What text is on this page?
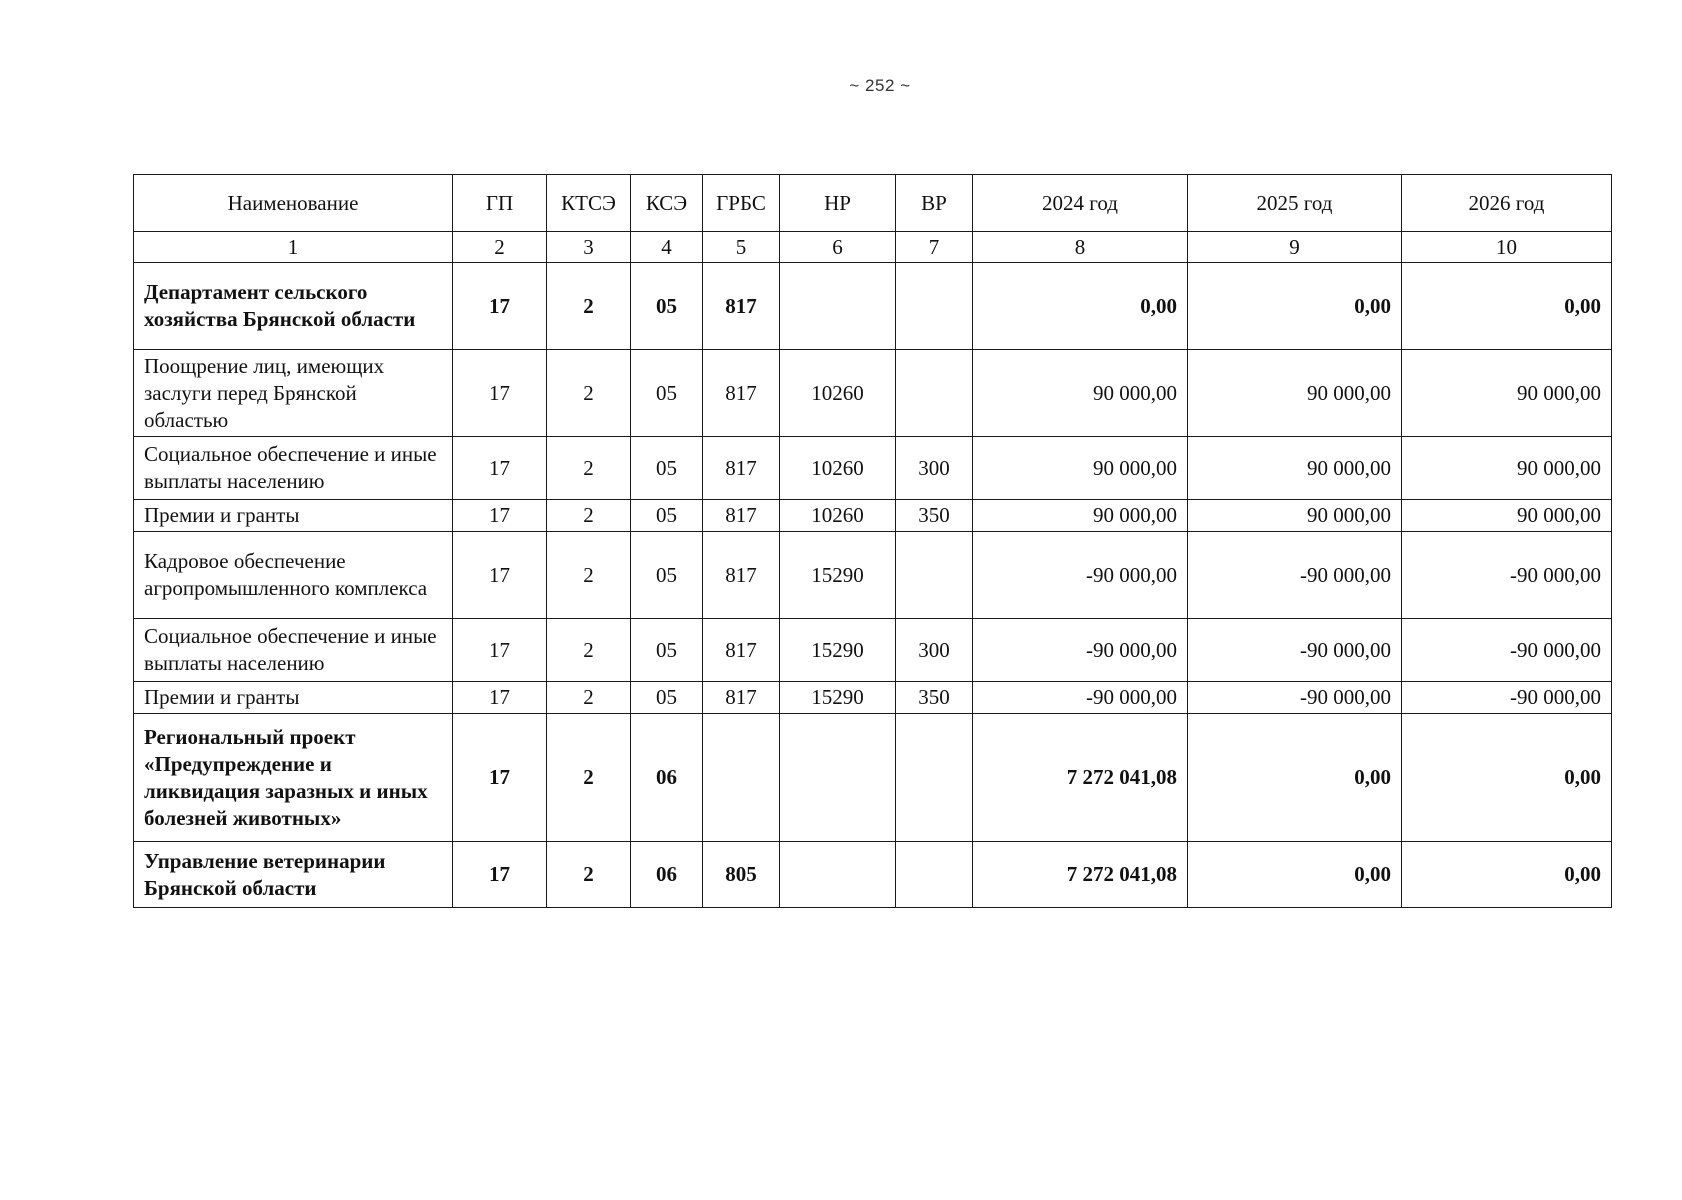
~ 252 ~
Наименование	ГП	КТСЭ	КСЭ	ГРБС	НР	ВР	2024 год	2025 год	2026 год
1	2	3	4	5	6	7	8	9	10
Департамент сельского хозяйства Брянской области	17	2	05	817			0,00	0,00	0,00
Поощрение лиц, имеющих заслуги перед Брянской областью	17	2	05	817	10260		90 000,00	90 000,00	90 000,00
Социальное обеспечение и иные выплаты населению	17	2	05	817	10260	300	90 000,00	90 000,00	90 000,00
Премии и гранты	17	2	05	817	10260	350	90 000,00	90 000,00	90 000,00
Кадровое обеспечение агропромышленного комплекса	17	2	05	817	15290		-90 000,00	-90 000,00	-90 000,00
Социальное обеспечение и иные выплаты населению	17	2	05	817	15290	300	-90 000,00	-90 000,00	-90 000,00
Премии и гранты	17	2	05	817	15290	350	-90 000,00	-90 000,00	-90 000,00
Региональный проект «Предупреждение и ликвидация заразных и иных болезней животных»	17	2	06				7 272 041,08	0,00	0,00
Управление ветеринарии Брянской области	17	2	06	805			7 272 041,08	0,00	0,00
